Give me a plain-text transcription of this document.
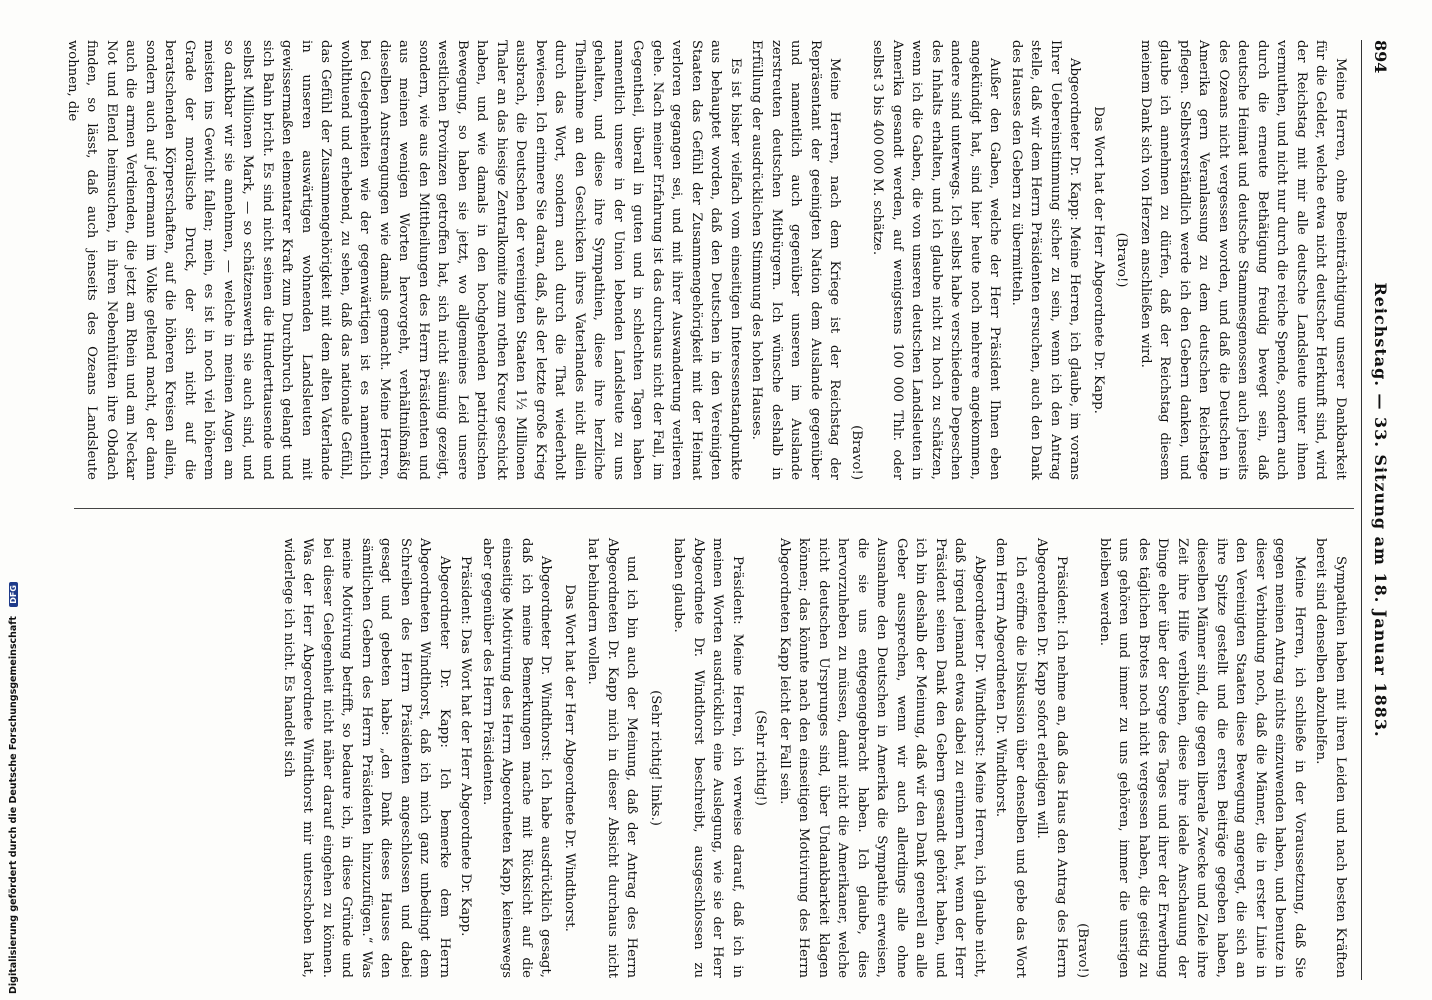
894
Reichstag. — 33. Sitzung am 18. Januar 1883.

Meine Herren, ohne Beeinträchtigung unserer Dankbarkeit für die Gelder, welche etwa nicht deutscher Herkunft sind, wird der Reichstag mit mir alle deutsche Landsleute unter ihnen vermuthen, und nicht nur durch die reiche Spende, sondern auch durch die erneute Bethätigung freudig bewegt sein, daß deutsche Heimat und deutsche Stammesgenossen auch jenseits des Ozeans nicht vergessen worden, und daß die Deutschen in Amerika gern Veranlassung zu dem deutschen Reichstage pflegen. Selbstverständlich werde ich den Gebern danken, und glaube ich annehmen zu dürfen, daß der Reichstag diesem meinem Dank sich von Herzen anschließen wird.

(Bravo!)

Das Wort hat der Herr Abgeordnete Dr. Kapp.

Abgeordneter Dr. Kapp: Meine Herren, ich glaube, im vorans Ihrer Uebereinstimmung sicher zu sein, wenn ich den Antrag stelle, daß wir dem Herrn Präsidenten ersuchen, auch den Dank des Hauses den Gebern zu übermitteln.

Außer den Gaben, welche der Herr Präsident Ihnen eben angekündigt hat, sind hier heute noch mehrere angekommen, andere sind unterwegs. Ich selbst habe verschiedene Depeschen des Inhalts erhalten, und ich glaube nicht zu hoch zu schätzen, wenn ich die Gaben, die von unseren deutschen Landsleuten in Amerika gesandt werden, auf wenigstens 100 000 Thlr. oder selbst 3 bis 400 000 M. schätze.

(Bravo!)

Meine Herren, nach dem Kriege ist der Reichstag der Repräsentant der geeinigten Nation dem Auslande gegenüber und namentlich auch gegenüber unseren im Auslande zerstreuten deutschen Mitbürgern. Ich wünsche deshalb in Erfüllung der ausdrücklichen Stimmung des hohen Hauses.

Es ist bisher vielfach vom einseitigen Interessenstandpunkte aus behauptet worden, daß den Deutschen in den Vereinigten Staaten das Gefühl der Zusammengehörigkeit mit der Heimat verloren gegangen sei, und mit ihrer Auswanderung verlieren gehe. Nach meiner Erfahrung ist das durchaus nicht der Fall, im Gegentheil, überall in guten und in schlechten Tagen haben namentlich unsere in der Union lebenden Landsleute zu uns gehalten, und diese ihre Sympathien, diese ihre herzliche Theilnahme an den Geschicken ihres Vaterlandes nicht allein durch das Wort, sondern auch durch die That wiederholt bewiesen. Ich erinnere Sie daran, daß, als der letzte große Krieg ausbrach, die Deutschen der vereinigten Staaten 1½ Millionen Thaler an das hiesige Zentralkomite zum rothen Kreuz geschickt haben, und wie damals in den hochgehenden patriotischen Bewegung, so haben sie jetzt, wo allgemeines Leid unsere westlichen Provinzen getroffen hat, sich nicht säumig gezeigt, sondern, wie aus den Mittheilungen des Herrn Präsidenten und aus meinen wenigen Worten hervorgeht, verhältnißmäßig dieselben Anstrengungen wie damals gemacht. Meine Herren, bei Gelegenheiten wie der gegenwärtigen ist es namentlich wohlthuend und erhebend, zu sehen, daß das nationale Gefühl, das Gefühl der Zusammengehörigkeit mit dem alten Vaterlande in unseren auswärtigen wohnenden Landsleuten mit gewissermaßen elementarer Kraft zum Durchbruch gelangt und sich Bahn bricht. Es sind nicht seinen die Hunderttausende und selbst Millionen Mark, — so schätzenswerth sie auch sind, und so dankbar wir sie annehmen, — welche in meinen Augen am meisten ins Gewicht fallen; mein, es ist in noch viel höherem Grade der moralische Druck, der sich nicht auf die beratschenden Körperschaften, auf die höheren Kreisen allein, sondern auch auf jedermann im Volke geltend macht, der dann auch die armen Verdienden, die jetzt am Rhein und am Neckar Not und Elend heimsuchen, in ihren Nebenhütten ihre Obdach finden, so lässt, daß auch jenseits des Ozeans Landsleute wohnen, die

Sympathien haben mit ihren Leiden und nach besten Kräften bereit sind denselben abzuhelfen.

Meine Herren, ich schließe in der Voraussetzung, daß Sie gegen meinen Antrag nichts einzuwenden haben, und benutze in dieser Verbindung noch, daß die Männer, die in erster Linie in den Vereinigten Staaten diese Bewegung angeregt, die sich an ihre Spitze gestellt und die ersten Beiträge gegeben haben, dieselben Männer sind, die gegen liberale Zwecke und Ziele ihre Zeit ihre Hilfe verbliehen, diese ihre ideale Anschauung der Dinge eher über der Sorge des Tages und ihrer der Erwerbung des täglichen Brotes noch nicht vergessen haben, die geistig zu uns gehören und immer zu uns gehören, immer die unsrigen bleiben werden.

(Bravo!)

Präsident: Ich nehme an, daß das Haus den Antrag des Herrn Abgeordneten Dr. Kapp sofort erledigen will.

Ich eröffne die Diskussion über denselben und gebe das Wort dem Herrn Abgeordneten Dr. Windthorst.

Abgeordneter Dr. Windthorst: Meine Herren, ich glaube nicht, daß irgend jemand etwas dabei zu erinnern hat, wenn der Herr Präsident seinen Dank den Gebern gesandt gehört haben, und ich bin deshalb der Meinung, daß wir den Dank generell an alle Geber aussprechen, wenn wir auch allerdings alle ohne Ausnahme den Deutschen in Amerika die Sympathie erweisen, die sie uns entgegengebracht haben. Ich glaube, dies hervorzuheben zu müssen, damit nicht die Amerikaner, welche nicht deutschen Ursprunges sind, über Undankbarkeit klagen können; das könnte nach den einseitigen Motivirung des Herrn Abgeordneten Kapp leicht der Fall sein.

(Sehr richtig!)

Präsident: Meine Herren, ich verweise darauf, daß ich in meinen Worten ausdrücklich eine Auslegung, wie sie der Herr Abgeordnete Dr. Windthorst beschreibt, ausgeschlossen zu haben glaube.

(Sehr richtig! links.)

und ich bin auch der Meinung, daß der Antrag des Herrn Abgeordneten Dr. Kapp mich in dieser Absicht durchaus nicht hat behindern wollen.

Das Wort hat der Herr Abgeordnete Dr. Windthorst.

Abgeordneter Dr. Windthorst: Ich habe ausdrücklich gesagt, daß ich meine Bemerkungen mache mit Rücksicht auf die einseitige Motivirung des Herrn Abgeordneten Kapp, keineswegs aber gegenüber des Herrn Präsidenten.

Präsident: Das Wort hat der Herr Abgeordnete Dr. Kapp.

Abgeordneter Dr. Kapp: Ich bemerke dem Herrn Abgeordneten Windthorst, daß ich mich ganz unbedingt dem Schreiben des Herrn Präsidenten angeschlossen und dabei gesagt und gebeten habe: „den Dank dieses Hauses den sämtlichen Gebern des Herrn Präsidenten hinzuzufügen.“ Was meine Motivirung betrifft, so bedaure ich, in diese Gründe und bei dieser Gelegenheit nicht näher darauf eingehen zu können. Was der Herr Abgeordnete Windthorst mir unterschoben hat, widerlege ich nicht. Es handelt sich

Digitalisierung gefördert durch die Deutsche Forschungsgemeinschaft DFG
